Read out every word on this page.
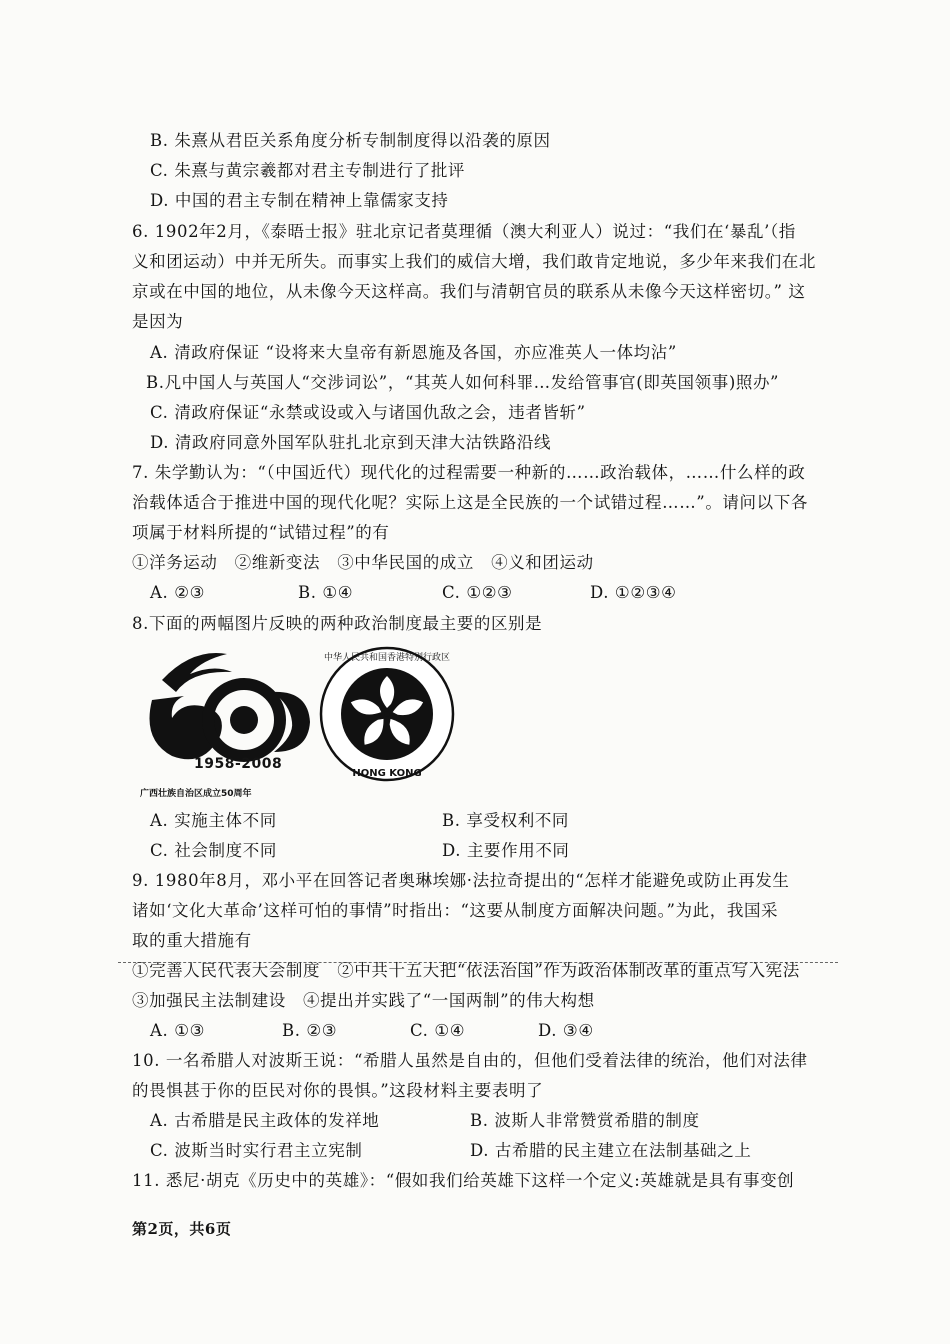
B. 朱熹从君臣关系角度分析专制制度得以沿袭的原因
C. 朱熹与黄宗羲都对君主专制进行了批评
D. 中国的君主专制在精神上靠儒家支持
6. 1902年2月，《泰晤士报》驻北京记者莫理循（澳大利亚人）说过：“我们在‘暴乱’（指
义和团运动）中并无所失。而事实上我们的威信大增，我们敢肯定地说，多少年来我们在北
京或在中国的地位，从未像今天这样高。我们与清朝官员的联系从未像今天这样密切。” 这
是因为
A. 清政府保证 “设将来大皇帝有新恩施及各国，亦应准英人一体均沾”
B.凡中国人与英国人“交涉词讼”，“其英人如何科罪…发给管事官(即英国领事)照办”
C. 清政府保证“永禁或设或入与诸国仇敌之会，违者皆斩”
D. 清政府同意外国军队驻扎北京到天津大沽铁路沿线
7. 朱学勤认为：“（中国近代）现代化的过程需要一种新的……政治载体，……什么样的政
治载体适合于推进中国的现代化呢？实际上这是全民族的一个试错过程……”。请问以下各
项属于材料所提的“试错过程”的有
①洋务运动　②维新变法　③中华民国的成立　④义和团运动
A. ②③	B. ①④	C. ①②③	D. ①②③④
8.下面的两幅图片反映的两种政治制度最主要的区别是
1958-2008
广西壮族自治区成立50周年
中华人民共和国香港特别行政区
HONG KONG
A. 实施主体不同	B. 享受权利不同
C. 社会制度不同	D. 主要作用不同
9. 1980年8月，邓小平在回答记者奥琳埃娜·法拉奇提出的“怎样才能避免或防止再发生
诸如‘文化大革命’这样可怕的事情”时指出：“这要从制度方面解决问题。”为此，我国采
取的重大措施有
①完善人民代表大会制度　②中共十五大把“依法治国”作为政治体制改革的重点写入宪法
③加强民主法制建设　④提出并实践了“一国两制”的伟大构想
A. ①③	B. ②③	C. ①④	D. ③④
10. 一名希腊人对波斯王说：“希腊人虽然是自由的，但他们受着法律的统治，他们对法律
的畏惧甚于你的臣民对你的畏惧。”这段材料主要表明了
A. 古希腊是民主政体的发祥地	B. 波斯人非常赞赏希腊的制度
C. 波斯当时实行君主立宪制	D. 古希腊的民主建立在法制基础之上
11. 悉尼·胡克《历史中的英雄》：“假如我们给英雄下这样一个定义:英雄就是具有事变创
第2页，共6页
